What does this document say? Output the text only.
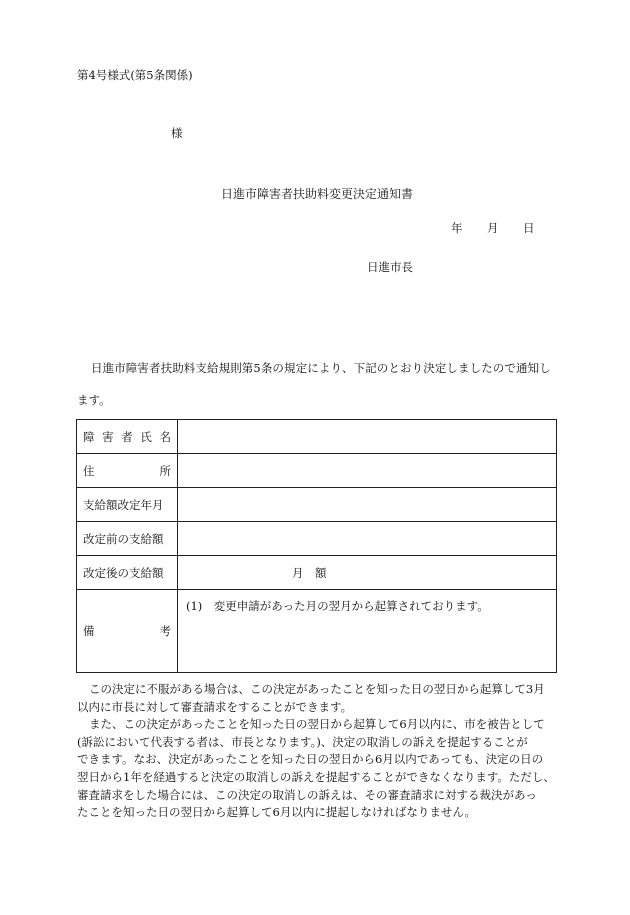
第4号様式(第5条関係)
様
日進市障害者扶助料変更決定通知書
年 月 日
日進市長
日進市障害者扶助料支給規則第5条の規定により、下記のとおり決定しましたので通知し
ます。
障 害 者 氏 名	

住 所	

支給額改定年月	

改定前の支給額	

改定後の支給額	月　額

備 考	(1)　変更申請があった月の翌月から起算されております。

この決定に不服がある場合は、この決定があったことを知った日の翌日から起算して3月

以内に市長に対して審査請求をすることができます。

また、この決定があったことを知った日の翌日から起算して6月以内に、市を被告として

(訴訟において代表する者は、市長となります。)、決定の取消しの訴えを提起することが

できます。なお、決定があったことを知った日の翌日から6月以内であっても、決定の日の

翌日から1年を経過すると決定の取消しの訴えを提起することができなくなります。ただし、

審査請求をした場合には、この決定の取消しの訴えは、その審査請求に対する裁決があっ

たことを知った日の翌日から起算して6月以内に提起しなければなりません。
